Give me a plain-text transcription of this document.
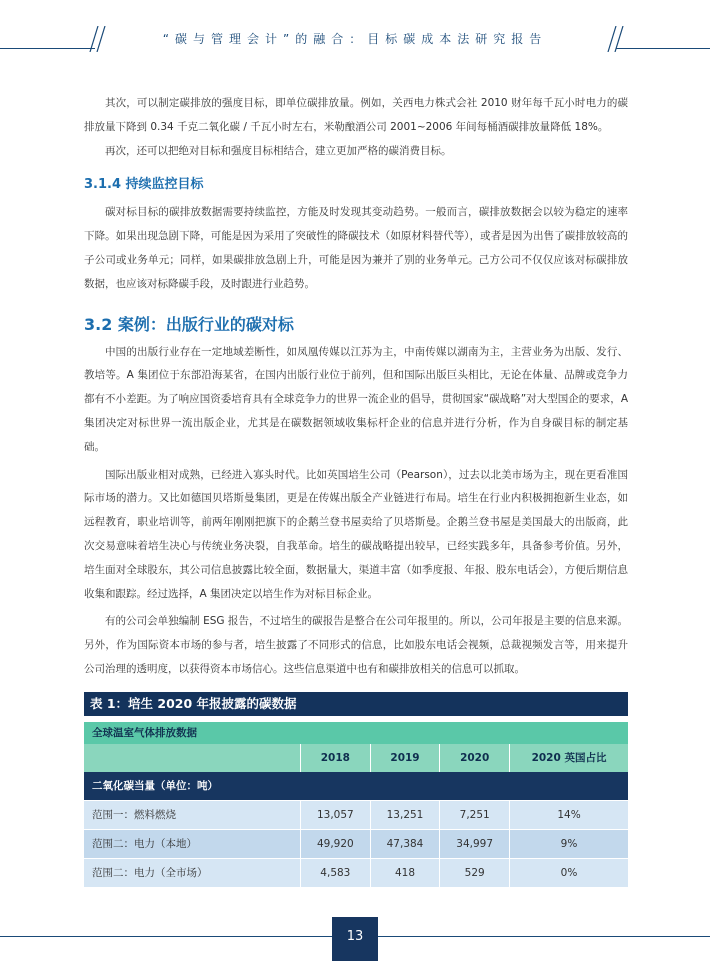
“碳与管理会计”的融合：目标碳成本法研究报告

其次，可以制定碳排放的强度目标，即单位碳排放量。例如，关西电力株式会社 2010 财年每千瓦小时电力的碳排放量下降到 0.34 千克二氧化碳 / 千瓦小时左右，米勒酿酒公司 2001~2006 年间每桶酒碳排放量降低 18%。

再次，还可以把绝对目标和强度目标相结合，建立更加严格的碳消费目标。

3.1.4 持续监控目标

碳对标目标的碳排放数据需要持续监控，方能及时发现其变动趋势。一般而言，碳排放数据会以较为稳定的速率下降。如果出现急剧下降，可能是因为采用了突破性的降碳技术（如原材料替代等），或者是因为出售了碳排放较高的子公司或业务单元；同样，如果碳排放急剧上升，可能是因为兼并了别的业务单元。己方公司不仅仅应该对标碳排放数据，也应该对标降碳手段，及时跟进行业趋势。

3.2 案例：出版行业的碳对标

中国的出版行业存在一定地域差断性，如凤凰传媒以江苏为主，中南传媒以湖南为主，主营业务为出版、发行、教培等。A 集团位于东部沿海某省，在国内出版行业位于前列，但和国际出版巨头相比，无论在体量、品牌或竞争力都有不小差距。为了响应国资委培育具有全球竞争力的世界一流企业的倡导，贯彻国家“碳战略”对大型国企的要求，A 集团决定对标世界一流出版企业，尤其是在碳数据领域收集标杆企业的信息并进行分析，作为自身碳目标的制定基础。

国际出版业相对成熟，已经进入寡头时代。比如英国培生公司（Pearson），过去以北美市场为主，现在更看准国际市场的潜力。又比如德国贝塔斯曼集团，更是在传媒出版全产业链进行布局。培生在行业内积极拥抱新生业态，如远程教育，职业培训等，前两年刚刚把旗下的企鹅兰登书屋卖给了贝塔斯曼。企鹅兰登书屋是美国最大的出版商，此次交易意味着培生决心与传统业务决裂，自我革命。培生的碳战略提出较早，已经实践多年，具备参考价值。另外，培生面对全球股东，其公司信息披露比较全面，数据量大，渠道丰富（如季度报、年报、股东电话会），方便后期信息收集和跟踪。经过选择，A 集团决定以培生作为对标目标企业。

有的公司会单独编制 ESG 报告，不过培生的碳报告是整合在公司年报里的。所以，公司年报是主要的信息来源。另外，作为国际资本市场的参与者，培生披露了不同形式的信息，比如股东电话会视频，总裁视频发言等，用来提升公司治理的透明度，以获得资本市场信心。这些信息渠道中也有和碳排放相关的信息可以抓取。

表 1：培生 2020 年报披露的碳数据
全球温室气体排放数据				
	2018	2019	2020	2020 英国占比
二氧化碳当量（单位：吨）				
范围一：燃料燃烧	13,057	13,251	7,251	14%
范围二：电力（本地）	49,920	47,384	34,997	9%
范围二：电力（全市场）	4,583	418	529	0%
13
